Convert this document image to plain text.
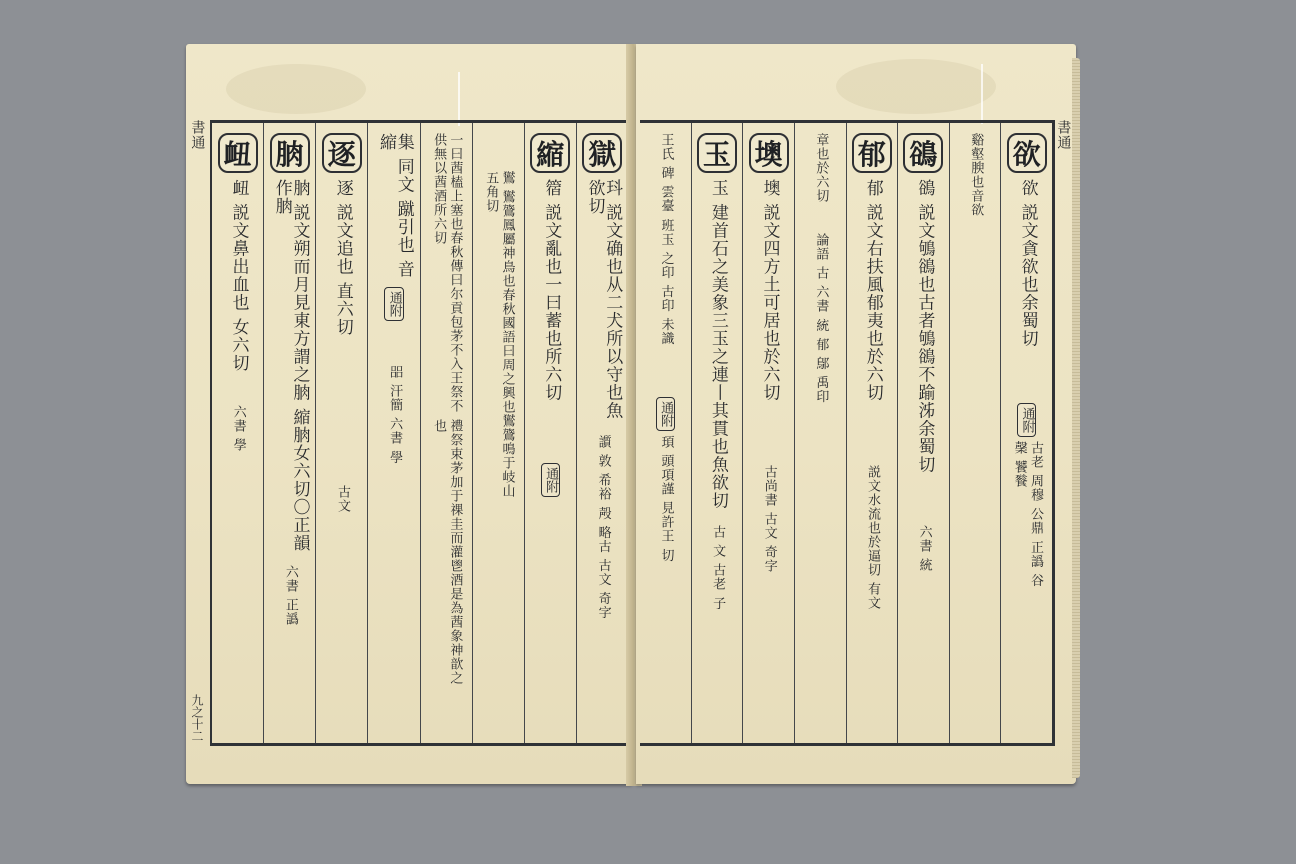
書通
九之十二
獄
㺶 説文确也从二犬所以守也魚欲切
䜠 敦 希裕 殸 略古 古文 奇字
縮
䈹 説文亂也一曰蓄也所六切
通附
鸑 鸑鷟鳳屬神鳥也春秋國語曰周之興也鸑鷟鳴于岐山五角切
一曰莤榼上塞也春秋傳曰尔貢包茅不入王祭不供無以莤酒所六切
禮祭束茅加于祼圭而灌鬯酒是為莤象神歆之也
集 同文 蹴引也 音縮
通附
㗊 汗簡 六書 學
逐
逐 説文追也 直六切
古文
朒
朒 説文朔而月見東方謂之朒 縮朒女六切〇正韻作朒
六書 正譌
衄
衄 説文鼻出血也 女六切
六書 學
欲
欲 説文貪欲也余蜀切
通附
古老 周穆 公鼎 正譌 谷 䅽 饕餮
谿壑腴也音欲
鵒
鵒 説文鴝鵒也古者鴝鵒不踰泲余蜀切
六書 統
郁
郁 説文右扶風郁夷也於六切
説文水流也於逼切 有文
章也於六切
論語 古 六書 統 郁 鄔 禹印
墺
墺 説文四方土可居也於六切
古尚書 古文 奇字
玉
玉 建首石之美象三玉之連丨其貫也魚欲切
古 文 古老 子
王氏 碑 雲臺 班玉 之印 古印 未識
通附
頊 頭項謹 見許王 切
書通
